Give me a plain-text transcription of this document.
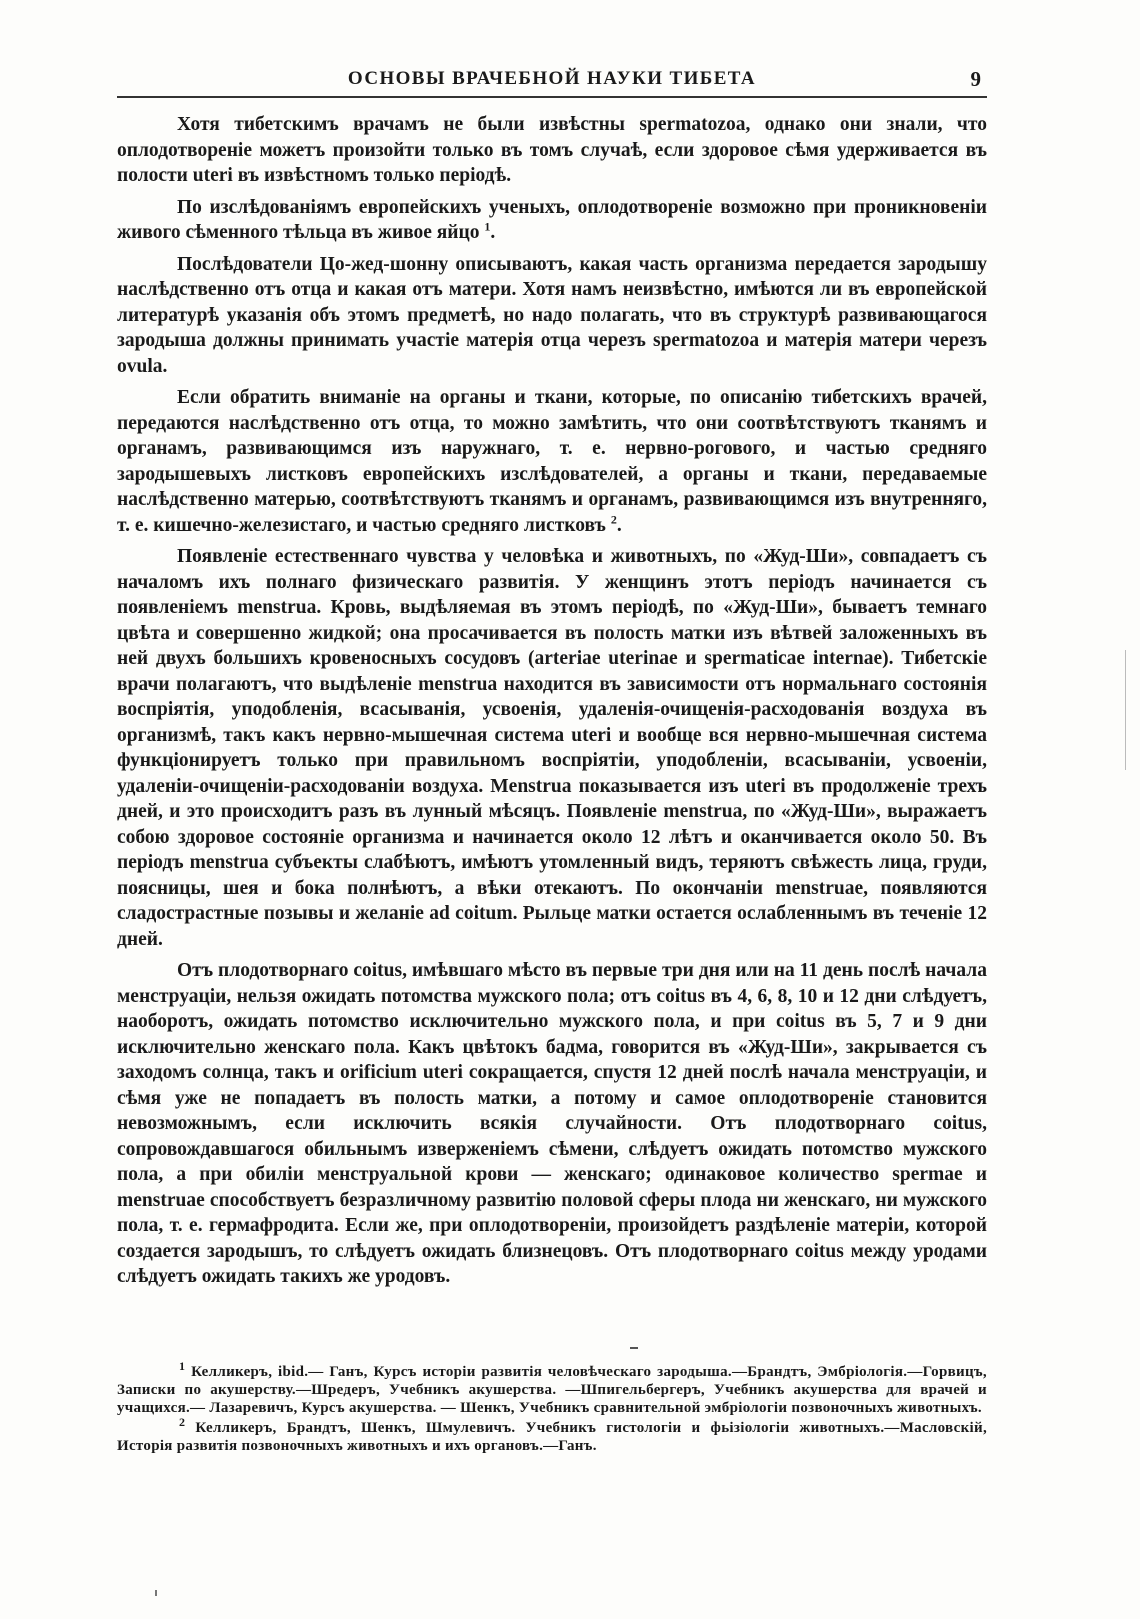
ОСНОВЫ ВРАЧЕБНОЙ НАУКИ ТИБЕТА	9

Хотя тибетскимъ врачамъ не были извѣстны spermatozoa, однако они знали, что оплодотвореніе можетъ произойти только въ томъ случаѣ, если здоровое сѣмя удерживается въ полости uteri въ извѣстномъ только періодѣ.

По изслѣдованіямъ европейскихъ ученыхъ, оплодотвореніе возможно при проникновеніи живого сѣменного тѣльца въ живое яйцо $^1$.

Послѣдователи Цо-жед-шонну описываютъ, какая часть организма передается зародышу наслѣдственно отъ отца и какая отъ матери. Хотя намъ неизвѣстно, имѣются ли въ европейской литературѣ указанія объ этомъ предметѣ, но надо полагать, что въ структурѣ развивающагося зародыша должны принимать участіе матерія отца черезъ spermatozoa и матерія матери черезъ ovula.

Если обратить вниманіе на органы и ткани, которые, по описанію тибетскихъ врачей, передаются наслѣдственно отъ отца, то можно замѣтить, что они соотвѣтствуютъ тканямъ и органамъ, развивающимся изъ наружнаго, т. е. нервно-рогового, и частью средняго зародышевыхъ листковъ европейскихъ изслѣдователей, а органы и ткани, передаваемые наслѣдственно матерью, соотвѣтствуютъ тканямъ и органамъ, развивающимся изъ внутренняго, т. е. кишечно-железистаго, и частью средняго листковъ $^2$.

Появленіе естественнаго чувства у человѣка и животныхъ, по «Жуд-Ши», совпадаетъ съ началомъ ихъ полнаго физическаго развитія. У женщинъ этотъ періодъ начинается съ появленіемъ menstrua. Кровь, выдѣляемая въ этомъ періодѣ, по «Жуд-Ши», бываетъ темнаго цвѣта и совершенно жидкой; она просачивается въ полость матки изъ вѣтвей заложенныхъ въ ней двухъ большихъ кровеносныхъ сосудовъ (arteriae uterinae и spermaticae internae). Тибетскіе врачи полагаютъ, что выдѣленіе menstrua находится въ зависимости отъ нормальнаго состоянія воспріятія, уподобленія, всасыванія, усвоенія, удаленія-очищенія-расходованія воздуха въ организмѣ, такъ какъ нервно-мышечная система uteri и вообще вся нервно-мышечная система функціонируетъ только при правильномъ воспріятіи, уподобленіи, всасываніи, усвоеніи, удаленіи-очищеніи-расходованіи воздуха. Menstrua показывается изъ uteri въ продолженіе трехъ дней, и это происходитъ разъ въ лунный мѣсяцъ. Появленіе menstrua, по «Жуд-Ши», выражаетъ собою здоровое состояніе организма и начинается около 12 лѣтъ и оканчивается около 50. Въ періодъ menstrua субъекты слабѣютъ, имѣютъ утомленный видъ, теряютъ свѣжесть лица, груди, поясницы, шея и бока полнѣютъ, а вѣки отекаютъ. По окончаніи menstruae, появляются сладострастные позывы и желаніе ad coitum. Рыльце матки остается ослабленнымъ въ теченіе 12 дней.

Отъ плодотворнаго coitus, имѣвшаго мѣсто въ первые три дня или на 11 день послѣ начала менструаціи, нельзя ожидать потомства мужского пола; отъ coitus въ 4, 6, 8, 10 и 12 дни слѣдуетъ, наоборотъ, ожидать потомство исключительно мужского пола, и при coitus въ 5, 7 и 9 дни исключительно женскаго пола. Какъ цвѣтокъ бадма, говорится въ «Жуд-Ши», закрывается съ заходомъ солнца, такъ и orificium uteri сокращается, спустя 12 дней послѣ начала менструаціи, и сѣмя уже не попадаетъ въ полость матки, а потому и самое оплодотвореніе становится невозможнымъ, если исключить всякія случайности. Отъ плодотворнаго coitus, сопровождавшагося обильнымъ изверженіемъ сѣмени, слѣдуетъ ожидать потомство мужского пола, а при обиліи менструальной крови — женскаго; одинаковое количество spermae и menstruae способствуетъ безразличному развитію половой сферы плода ни женскаго, ни мужского пола, т. е. гермафродита. Если же, при оплодотвореніи, произойдетъ раздѣленіе матеріи, которой создается зародышъ, то слѣдуетъ ожидать близнецовъ. Отъ плодотворнаго coitus между уродами слѣдуетъ ожидать такихъ же уродовъ.

$^1$ Келликеръ, ibid.— Ганъ, Курсъ исторіи развитія человѣческаго зародыша.—Брандтъ, Эмбріологія.—Горвицъ, Записки по акушерству.—Шредеръ, Учебникъ акушерства. —Шпигельбергеръ, Учебникъ акушерства для врачей и учащихся.— Лазаревичъ, Курсъ акушерства. — Шенкъ, Учебникъ сравнительной эмбріологіи позвоночныхъ животныхъ.

$^2$ Келликеръ, Брандтъ, Шенкъ, Шмулевичъ. Учебникъ гистологіи и фьізіологіи животныхъ.—Масловскій, Исторія развитія позвоночныхъ животныхъ и ихъ органовъ.—Ганъ.
